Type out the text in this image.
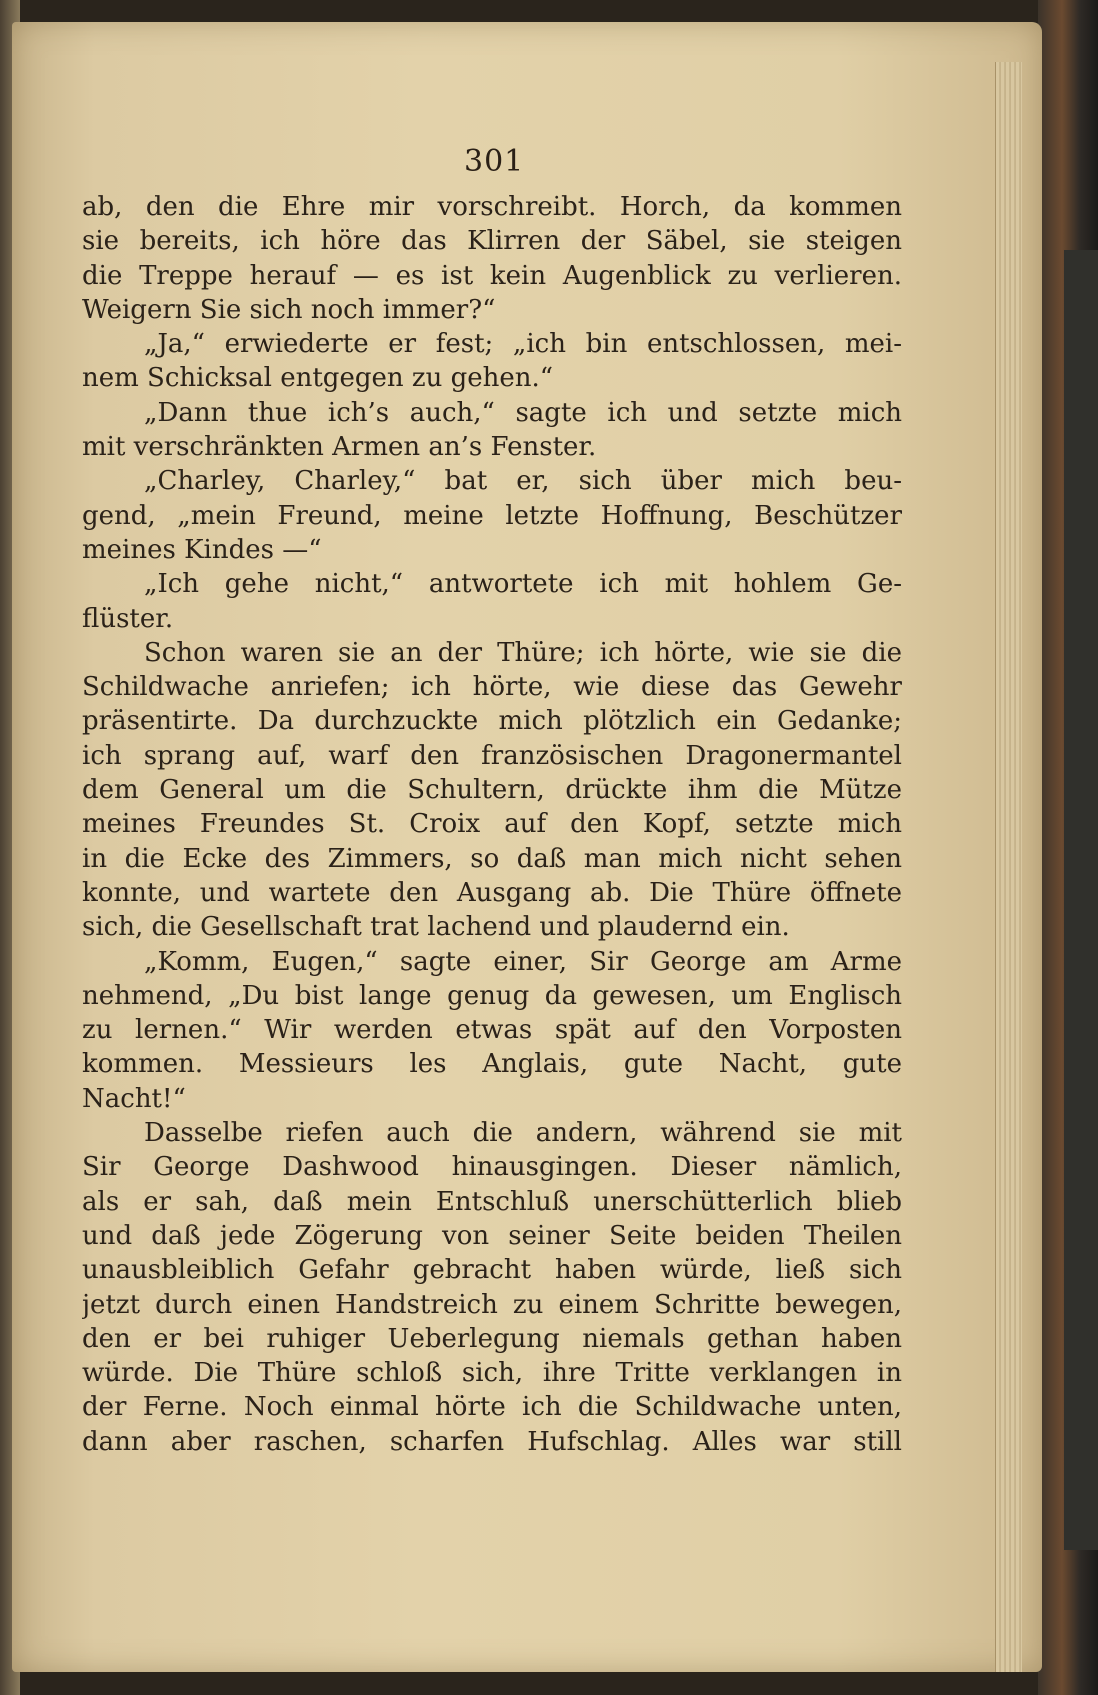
301
ab, den die Ehre mir vorschreibt. Horch, da kommen
sie bereits, ich höre das Klirren der Säbel, sie steigen
die Treppe herauf — es ist kein Augenblick zu verlieren.
Weigern Sie sich noch immer?“
„Ja,“ erwiederte er fest; „ich bin entschlossen, mei-
nem Schicksal entgegen zu gehen.“
„Dann thue ich’s auch,“ sagte ich und setzte mich
mit verschränkten Armen an’s Fenster.
„Charley, Charley,“ bat er, sich über mich beu-
gend, „mein Freund, meine letzte Hoffnung, Beschützer
meines Kindes —“
„Ich gehe nicht,“ antwortete ich mit hohlem Ge-
flüster.
Schon waren sie an der Thüre; ich hörte, wie sie die
Schildwache anriefen; ich hörte, wie diese das Gewehr
präsentirte. Da durchzuckte mich plötzlich ein Gedanke;
ich sprang auf, warf den französischen Dragonermantel
dem General um die Schultern, drückte ihm die Mütze
meines Freundes St. Croix auf den Kopf, setzte mich
in die Ecke des Zimmers, so daß man mich nicht sehen
konnte, und wartete den Ausgang ab. Die Thüre öffnete
sich, die Gesellschaft trat lachend und plaudernd ein.
„Komm, Eugen,“ sagte einer, Sir George am Arme
nehmend, „Du bist lange genug da gewesen, um Englisch
zu lernen.“ Wir werden etwas spät auf den Vorposten
kommen. Messieurs les Anglais, gute Nacht, gute
Nacht!“
Dasselbe riefen auch die andern, während sie mit
Sir George Dashwood hinausgingen. Dieser nämlich,
als er sah, daß mein Entschluß unerschütterlich blieb
und daß jede Zögerung von seiner Seite beiden Theilen
unausbleiblich Gefahr gebracht haben würde, ließ sich
jetzt durch einen Handstreich zu einem Schritte bewegen,
den er bei ruhiger Ueberlegung niemals gethan haben
würde. Die Thüre schloß sich, ihre Tritte verklangen in
der Ferne. Noch einmal hörte ich die Schildwache unten,
dann aber raschen, scharfen Hufschlag. Alles war still
